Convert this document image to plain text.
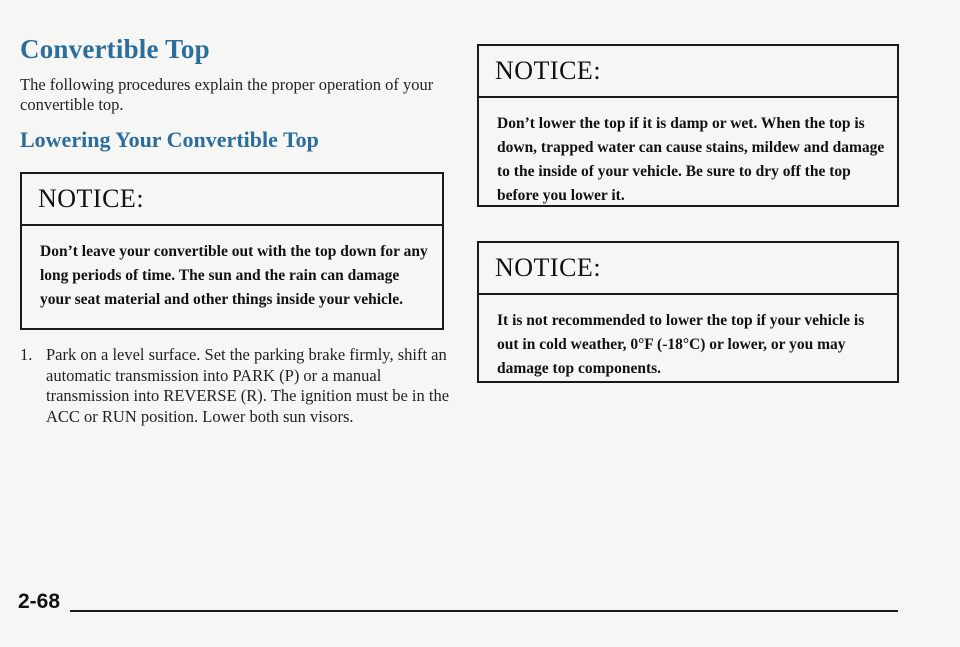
Convertible Top

The following procedures explain the proper operation of your convertible top.

Lowering Your Convertible Top
NOTICE:
Don’t leave your convertible out with the top down for any long periods of time. The sun and the rain can damage your seat material and other things inside your vehicle.
1. Park on a level surface. Set the parking brake firmly, shift an automatic transmission into PARK (P) or a manual transmission into REVERSE (R). The ignition must be in the ACC or RUN position. Lower both sun visors.
NOTICE:
Don’t lower the top if it is damp or wet. When the top is down, trapped water can cause stains, mildew and damage to the inside of your vehicle. Be sure to dry off the top before you lower it.
NOTICE:
It is not recommended to lower the top if your vehicle is out in cold weather, 0°F (-18°C) or lower, or you may damage top components.
2-68
